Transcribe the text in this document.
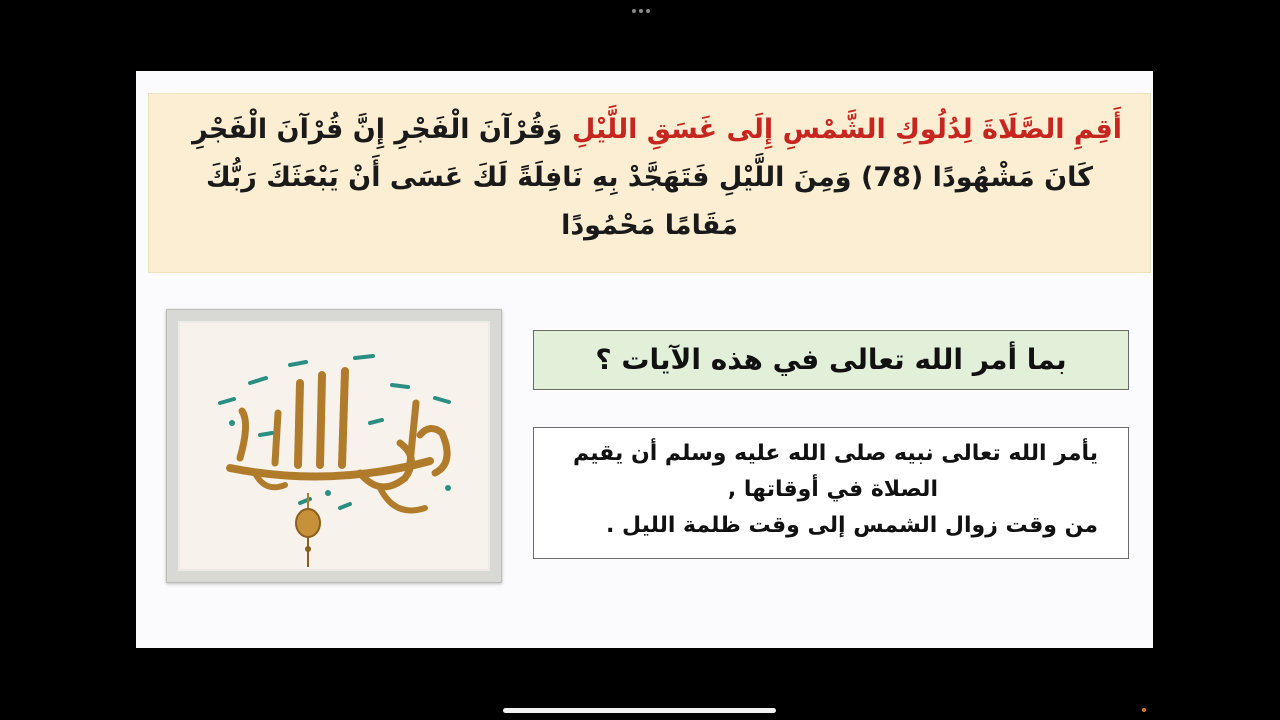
أَقِمِ الصَّلَاةَ لِدُلُوكِ الشَّمْسِ إِلَى غَسَقِ اللَّيْلِ وَقُرْآنَ الْفَجْرِ إِنَّ قُرْآنَ الْفَجْرِ
كَانَ مَشْهُودًا (78) وَمِنَ اللَّيْلِ فَتَهَجَّدْ بِهِ نَافِلَةً لَكَ عَسَى أَنْ يَبْعَثَكَ رَبُّكَ
مَقَامًا مَحْمُودًا
بما أمر الله تعالى في هذه الآيات ؟
يأمر الله تعالى نبيه صلى الله عليه وسلم أن يقيم
الصلاة في أوقاتها ,
من وقت زوال الشمس إلى وقت ظلمة الليل .
